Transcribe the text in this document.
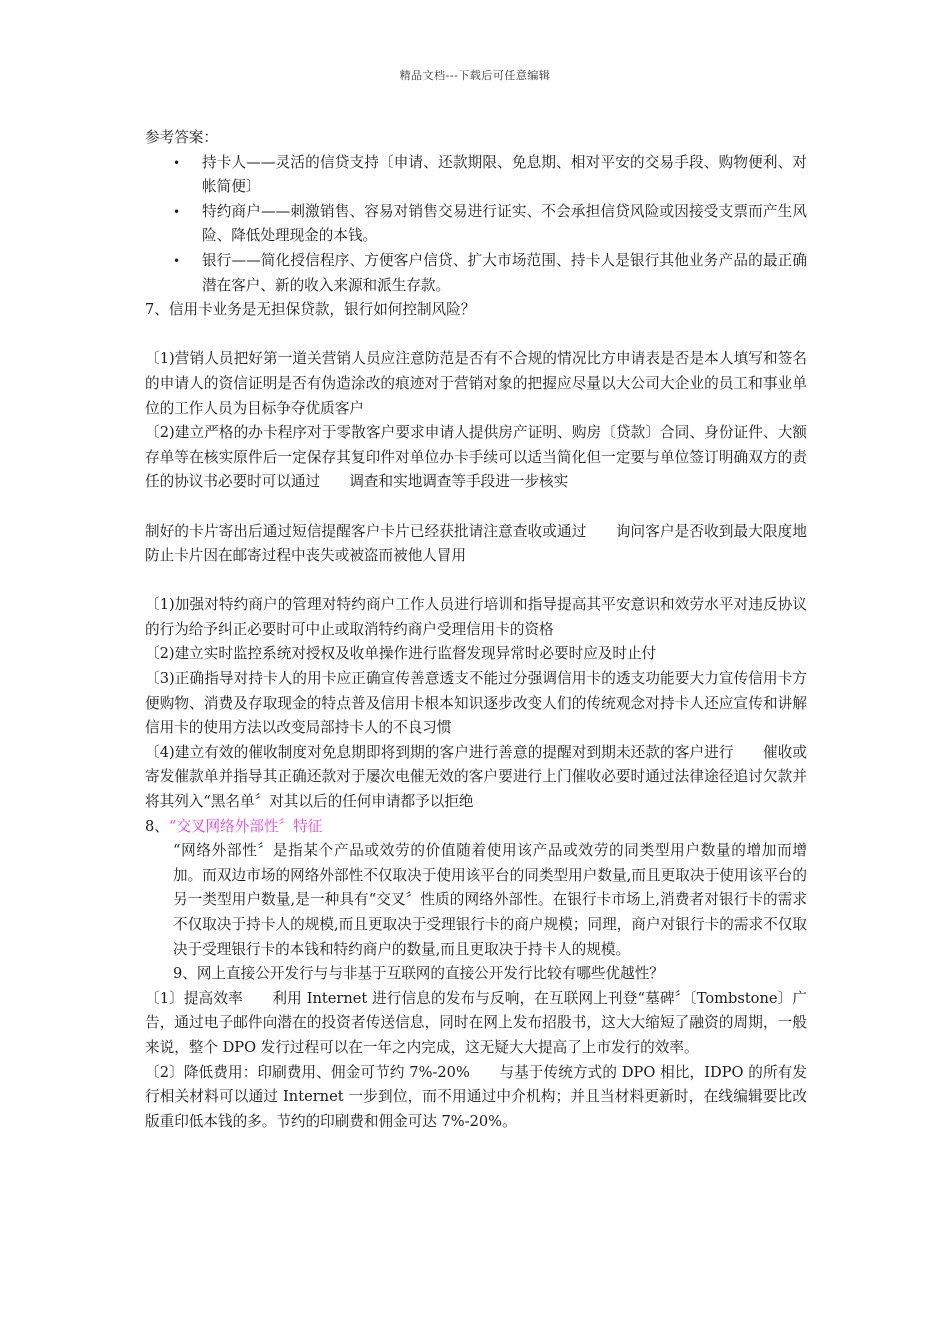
精品文档---下载后可任意编辑

参考答案：

• 持卡人——灵活的信贷支持〔申请、还款期限、免息期、相对平安的交易手段、购物便利、对帐简便〕
• 特约商户——刺激销售、容易对销售交易进行证实、不会承担信贷风险或因接受支票而产生风险、降低处理现金的本钱。
• 银行——简化授信程序、方便客户信贷、扩大市场范围、持卡人是银行其他业务产品的最正确潜在客户、新的收入来源和派生存款。

7、信用卡业务是无担保贷款，银行如何控制风险？

〔1)营销人员把好第一道关营销人员应注意防范是否有不合规的情况比方申请表是否是本人填写和签名的申请人的资信证明是否有伪造涂改的痕迹对于营销对象的把握应尽量以大公司大企业的员工和事业单位的工作人员为目标争夺优质客户

〔2)建立严格的办卡程序对于零散客户要求申请人提供房产证明、购房〔贷款〕合同、身份证件、大额存单等在核实原件后一定保存其复印件对单位办卡手续可以适当简化但一定要与单位签订明确双方的责任的协议书必要时可以通过　　调查和实地调查等手段进一步核实

制好的卡片寄出后通过短信提醒客户卡片已经获批请注意查收或通过　　询问客户是否收到最大限度地防止卡片因在邮寄过程中丧失或被盗而被他人冒用

〔1)加强对特约商户的管理对特约商户工作人员进行培训和指导提高其平安意识和效劳水平对违反协议的行为给予纠正必要时可中止或取消特约商户受理信用卡的资格

〔2)建立实时监控系统对授权及收单操作进行监督发现异常时必要时应及时止付

〔3)正确指导对持卡人的用卡应正确宣传善意透支不能过分强调信用卡的透支功能要大力宣传信用卡方便购物、消费及存取现金的特点普及信用卡根本知识逐步改变人们的传统观念对持卡人还应宣传和讲解信用卡的使用方法以改变局部持卡人的不良习惯

〔4)建立有效的催收制度对免息期即将到期的客户进行善意的提醒对到期未还款的客户进行　　催收或寄发催款单并指导其正确还款对于屡次电催无效的客户要进行上门催收必要时通过法律途径追讨欠款并将其列入“黑名单〞对其以后的任何申请都予以拒绝

8、“交叉网络外部性〞特征

“网络外部性〞是指某个产品或效劳的价值随着使用该产品或效劳的同类型用户数量的增加而增加。而双边市场的网络外部性不仅取决于使用该平台的同类型用户数量,而且更取决于使用该平台的另一类型用户数量,是一种具有“交叉〞性质的网络外部性。在银行卡市场上,消费者对银行卡的需求不仅取决于持卡人的规模,而且更取决于受理银行卡的商户规模；同理，商户对银行卡的需求不仅取决于受理银行卡的本钱和特约商户的数量,而且更取决于持卡人的规模。

9、网上直接公开发行与与非基于互联网的直接公开发行比较有哪些优越性？

〔1〕提高效率　　利用 Internet 进行信息的发布与反响，在互联网上刊登“墓碑〞〔Tombstone〕广告，通过电子邮件向潜在的投资者传送信息，同时在网上发布招股书，这大大缩短了融资的周期，一般来说，整个 DPO 发行过程可以在一年之内完成，这无疑大大提高了上市发行的效率。

〔2〕降低费用：印刷费用、佣金可节约 7%-20%　　与基于传统方式的 DPO 相比，IDPO 的所有发行相关材料可以通过 Internet 一步到位，而不用通过中介机构；并且当材料更新时，在线编辑要比改版重印低本钱的多。节约的印刷费和佣金可达 7%-20%。
